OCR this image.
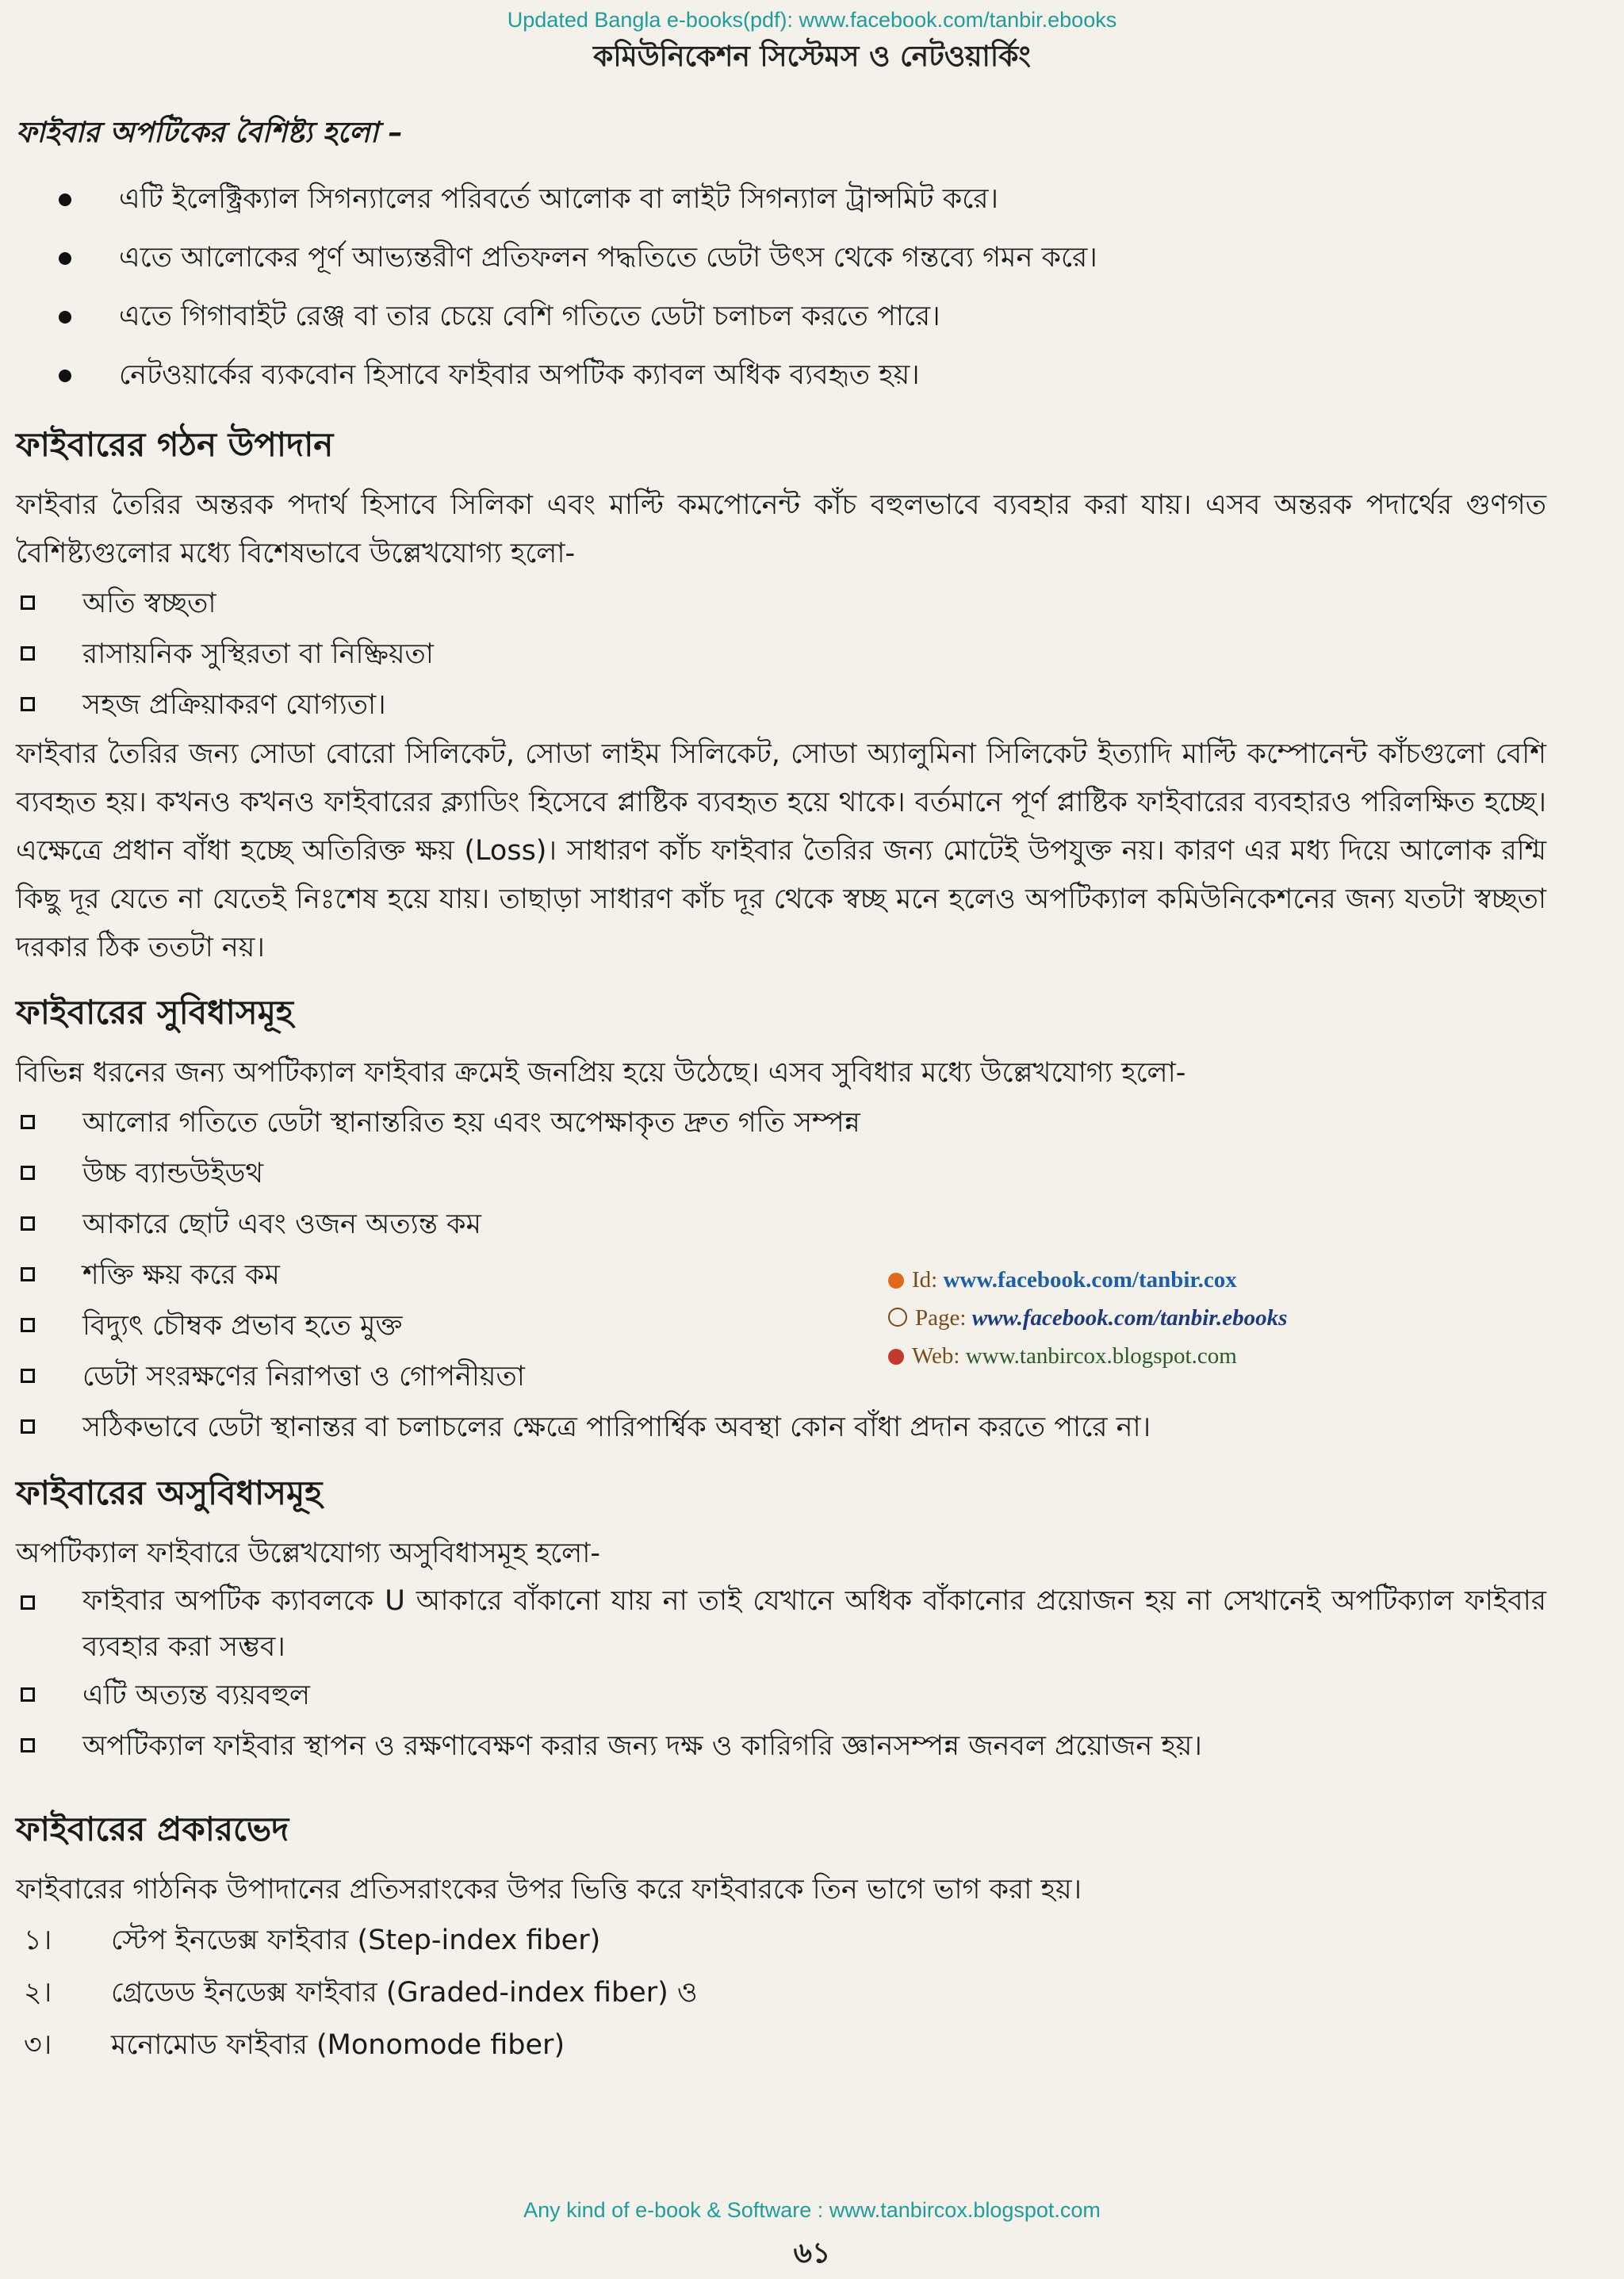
Updated Bangla e-books(pdf): www.facebook.com/tanbir.ebooks
কমিউনিকেশন সিস্টেমস ও নেটওয়ার্কিং
ফাইবার অপটিকের বৈশিষ্ট্য হলো –
এটি ইলেক্ট্রিক্যাল সিগন্যালের পরিবর্তে আলোক বা লাইট সিগন্যাল ট্রান্সমিট করে।
এতে আলোকের পূর্ণ আভ্যন্তরীণ প্রতিফলন পদ্ধতিতে ডেটা উৎস থেকে গন্তব্যে গমন করে।
এতে গিগাবাইট রেঞ্জ বা তার চেয়ে বেশি গতিতে ডেটা চলাচল করতে পারে।
নেটওয়ার্কের ব্যকবোন হিসাবে ফাইবার অপটিক ক্যাবল অধিক ব্যবহৃত হয়।
ফাইবারের গঠন উপাদান

ফাইবার তৈরির অন্তরক পদার্থ হিসাবে সিলিকা এবং মাল্টি কমপোনেন্ট কাঁচ বহুলভাবে ব্যবহার করা যায়। এসব অন্তরক পদার্থের গুণগত বৈশিষ্ট্যগুলোর মধ্যে বিশেষভাবে উল্লেখযোগ্য হলো-

অতি স্বচ্ছতা
রাসায়নিক সুস্থিরতা বা নিষ্ক্রিয়তা
সহজ প্রক্রিয়াকরণ যোগ্যতা।

ফাইবার তৈরির জন্য সোডা বোরো সিলিকেট, সোডা লাইম সিলিকেট, সোডা অ্যালুমিনা সিলিকেট ইত্যাদি মাল্টি কম্পোনেন্ট কাঁচগুলো বেশি ব্যবহৃত হয়। কখনও কখনও ফাইবারের ক্ল্যাডিং হিসেবে প্লাষ্টিক ব্যবহৃত হয়ে থাকে। বর্তমানে পূর্ণ প্লাষ্টিক ফাইবারের ব্যবহারও পরিলক্ষিত হচ্ছে। এক্ষেত্রে প্রধান বাঁধা হচ্ছে অতিরিক্ত ক্ষয় (Loss)। সাধারণ কাঁচ ফাইবার তৈরির জন্য মোটেই উপযুক্ত নয়। কারণ এর মধ্য দিয়ে আলোক রশ্মি কিছু দূর যেতে না যেতেই নিঃশেষ হয়ে যায়। তাছাড়া সাধারণ কাঁচ দূর থেকে স্বচ্ছ মনে হলেও অপটিক্যাল কমিউনিকেশনের জন্য যতটা স্বচ্ছতা দরকার ঠিক ততটা নয়।

ফাইবারের সুবিধাসমূহ

বিভিন্ন ধরনের জন্য অপটিক্যাল ফাইবার ক্রমেই জনপ্রিয় হয়ে উঠেছে। এসব সুবিধার মধ্যে উল্লেখযোগ্য হলো-

আলোর গতিতে ডেটা স্থানান্তরিত হয় এবং অপেক্ষাকৃত দ্রুত গতি সম্পন্ন
উচ্চ ব্যান্ডউইডথ
আকারে ছোট এবং ওজন অত্যন্ত কম
শক্তি ক্ষয় করে কম
বিদ্যুৎ চৌম্বক প্রভাব হতে মুক্ত
ডেটা সংরক্ষণের নিরাপত্তা ও গোপনীয়তা
সঠিকভাবে ডেটা স্থানান্তর বা চলাচলের ক্ষেত্রে পারিপার্শ্বিক অবস্থা কোন বাঁধা প্রদান করতে পারে না।
ফাইবারের অসুবিধাসমূহ

অপটিক্যাল ফাইবারে উল্লেখযোগ্য অসুবিধাসমূহ হলো-

ফাইবার অপটিক ক্যাবলকে U আকারে বাঁকানো যায় না তাই যেখানে অধিক বাঁকানোর প্রয়োজন হয় না সেখানেই অপটিক্যাল ফাইবার ব্যবহার করা সম্ভব।
এটি অত্যন্ত ব্যয়বহুল
অপটিক্যাল ফাইবার স্থাপন ও রক্ষণাবেক্ষণ করার জন্য দক্ষ ও কারিগরি জ্ঞানসম্পন্ন জনবল প্রয়োজন হয়।
ফাইবারের প্রকারভেদ

ফাইবারের গাঠনিক উপাদানের প্রতিসরাংকের উপর ভিত্তি করে ফাইবারকে তিন ভাগে ভাগ করা হয়।

১। স্টেপ ইনডেক্স ফাইবার (Step-index fiber)
২। গ্রেডেড ইনডেক্স ফাইবার (Graded-index fiber) ও
৩। মনোমোড ফাইবার (Monomode fiber)
Id: www.facebook.com/tanbir.cox
Page: www.facebook.com/tanbir.ebooks
Web: www.tanbircox.blogspot.com
Any kind of e-book & Software : www.tanbircox.blogspot.com
৬১
